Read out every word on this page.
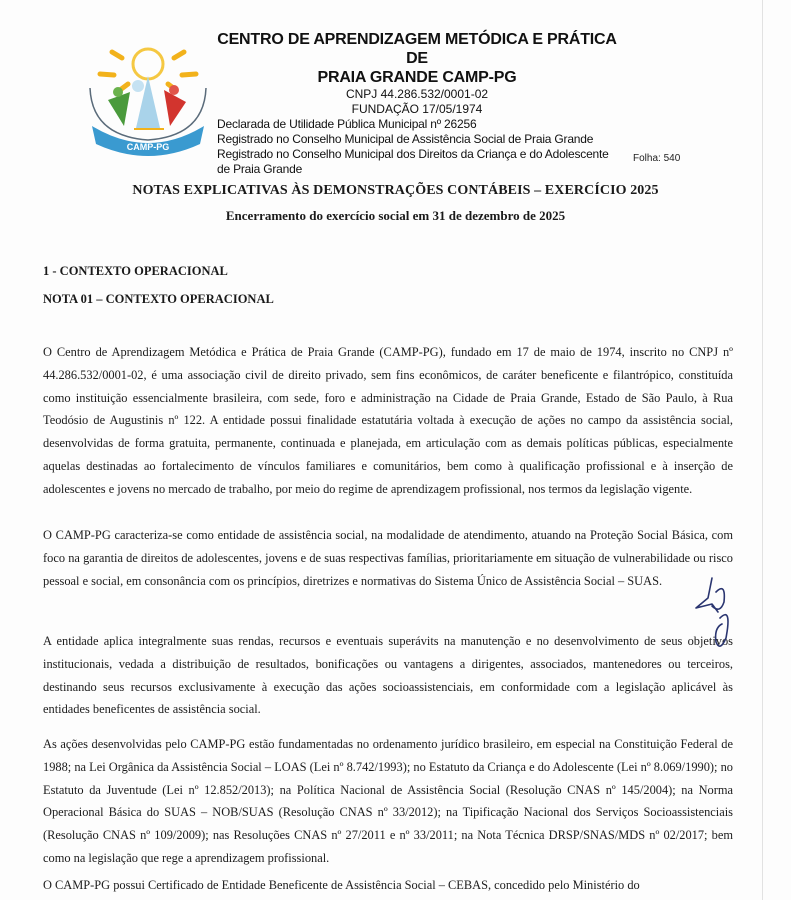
CAMP-PG
CENTRO DE APRENDIZAGEM METÓDICA E PRÁTICA DE
PRAIA GRANDE CAMP-PG
CNPJ 44.286.532/0001-02
FUNDAÇÃO 17/05/1974
Declarada de Utilidade Pública Municipal nº 26256
Registrado no Conselho Municipal de Assistência Social de Praia Grande
Registrado no Conselho Municipal dos Direitos da Criança e do Adolescente
de Praia Grande
Folha: 540
NOTAS EXPLICATIVAS ÀS DEMONSTRAÇÕES CONTÁBEIS – EXERCÍCIO 2025
Encerramento do exercício social em 31 de dezembro de 2025
1 - CONTEXTO OPERACIONAL
NOTA 01 – CONTEXTO OPERACIONAL
O Centro de Aprendizagem Metódica e Prática de Praia Grande (CAMP-PG), fundado em 17 de maio de 1974, inscrito no CNPJ nº 44.286.532/0001-02, é uma associação civil de direito privado, sem fins econômicos, de caráter beneficente e filantrópico, constituída como instituição essencialmente brasileira, com sede, foro e administração na Cidade de Praia Grande, Estado de São Paulo, à Rua Teodósio de Augustinis nº 122. A entidade possui finalidade estatutária voltada à execução de ações no campo da assistência social, desenvolvidas de forma gratuita, permanente, continuada e planejada, em articulação com as demais políticas públicas, especialmente aquelas destinadas ao fortalecimento de vínculos familiares e comunitários, bem como à qualificação profissional e à inserção de adolescentes e jovens no mercado de trabalho, por meio do regime de aprendizagem profissional, nos termos da legislação vigente.
O CAMP-PG caracteriza-se como entidade de assistência social, na modalidade de atendimento, atuando na Proteção Social Básica, com foco na garantia de direitos de adolescentes, jovens e de suas respectivas famílias, prioritariamente em situação de vulnerabilidade ou risco pessoal e social, em consonância com os princípios, diretrizes e normativas do Sistema Único de Assistência Social – SUAS.
A entidade aplica integralmente suas rendas, recursos e eventuais superávits na manutenção e no desenvolvimento de seus objetivos institucionais, vedada a distribuição de resultados, bonificações ou vantagens a dirigentes, associados, mantenedores ou terceiros, destinando seus recursos exclusivamente à execução das ações socioassistenciais, em conformidade com a legislação aplicável às entidades beneficentes de assistência social.
As ações desenvolvidas pelo CAMP-PG estão fundamentadas no ordenamento jurídico brasileiro, em especial na Constituição Federal de 1988; na Lei Orgânica da Assistência Social – LOAS (Lei nº 8.742/1993); no Estatuto da Criança e do Adolescente (Lei nº 8.069/1990); no Estatuto da Juventude (Lei nº 12.852/2013); na Política Nacional de Assistência Social (Resolução CNAS nº 145/2004); na Norma Operacional Básica do SUAS – NOB/SUAS (Resolução CNAS nº 33/2012); na Tipificação Nacional dos Serviços Socioassistenciais (Resolução CNAS nº 109/2009); nas Resoluções CNAS nº 27/2011 e nº 33/2011; na Nota Técnica DRSP/SNAS/MDS nº 02/2017; bem como na legislação que rege a aprendizagem profissional.
O CAMP-PG possui Certificado de Entidade Beneficente de Assistência Social – CEBAS, concedido pelo Ministério do
